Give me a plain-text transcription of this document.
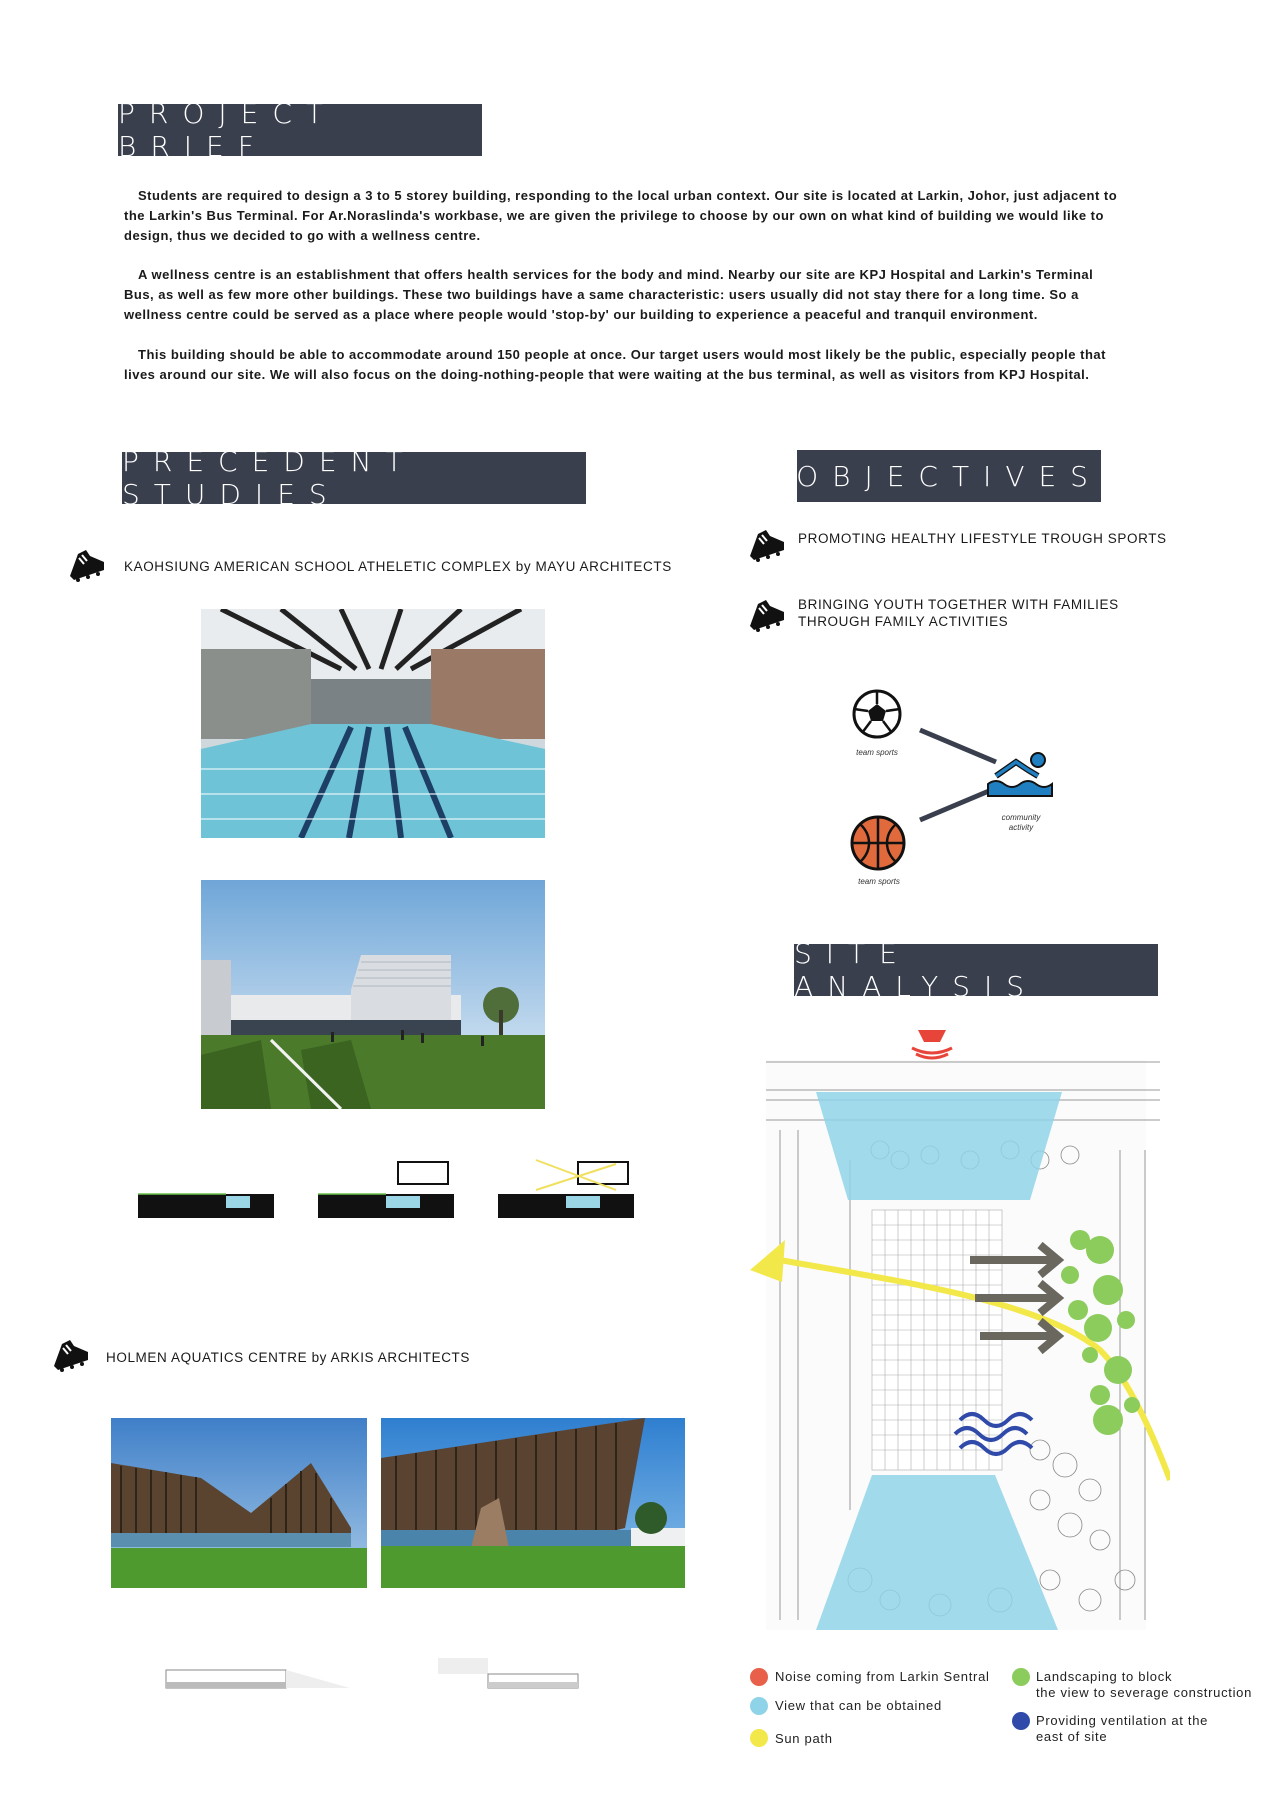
PROJECT BRIEF

Students are required to design a 3 to 5 storey building, responding to the local urban context. Our site is located at Larkin, Johor, just adjacent to the Larkin's Bus Terminal. For Ar.Noraslinda's workbase, we are given the privilege to choose by our own on what kind of building we would like to design, thus we decided to go with a wellness centre.

A wellness centre is an establishment that offers health services for the body and mind. Nearby our site are KPJ Hospital and Larkin's Terminal Bus, as well as few more other buildings. These two buildings have a same characteristic: users usually did not stay there for a long time. So a wellness centre could be served as a place where people would 'stop-by' our building to experience a peaceful and tranquil environment.

This building should be able to accommodate around 150 people at once. Our target users would most likely be the public, especially people that lives around our site. We will also focus on the doing-nothing-people that were waiting at the bus terminal, as well as visitors from KPJ Hospital.

PRECEDENT STUDIES
KAOHSIUNG AMERICAN SCHOOL ATHELETIC COMPLEX by MAYU ARCHITECTS
HOLMEN AQUATICS CENTRE by ARKIS ARCHITECTS
OBJECTIVES
PROMOTING HEALTHY LIFESTYLE TROUGH SPORTS
BRINGING YOUTH TOGETHER WITH FAMILIES
THROUGH FAMILY ACTIVITIES
team sports
team sports
community
activity
SITE ANALYSIS
Noise coming from Larkin Sentral
View that can be obtained
Sun path
Landscaping to block
the view to severage construction
Providing ventilation at the
east of site
